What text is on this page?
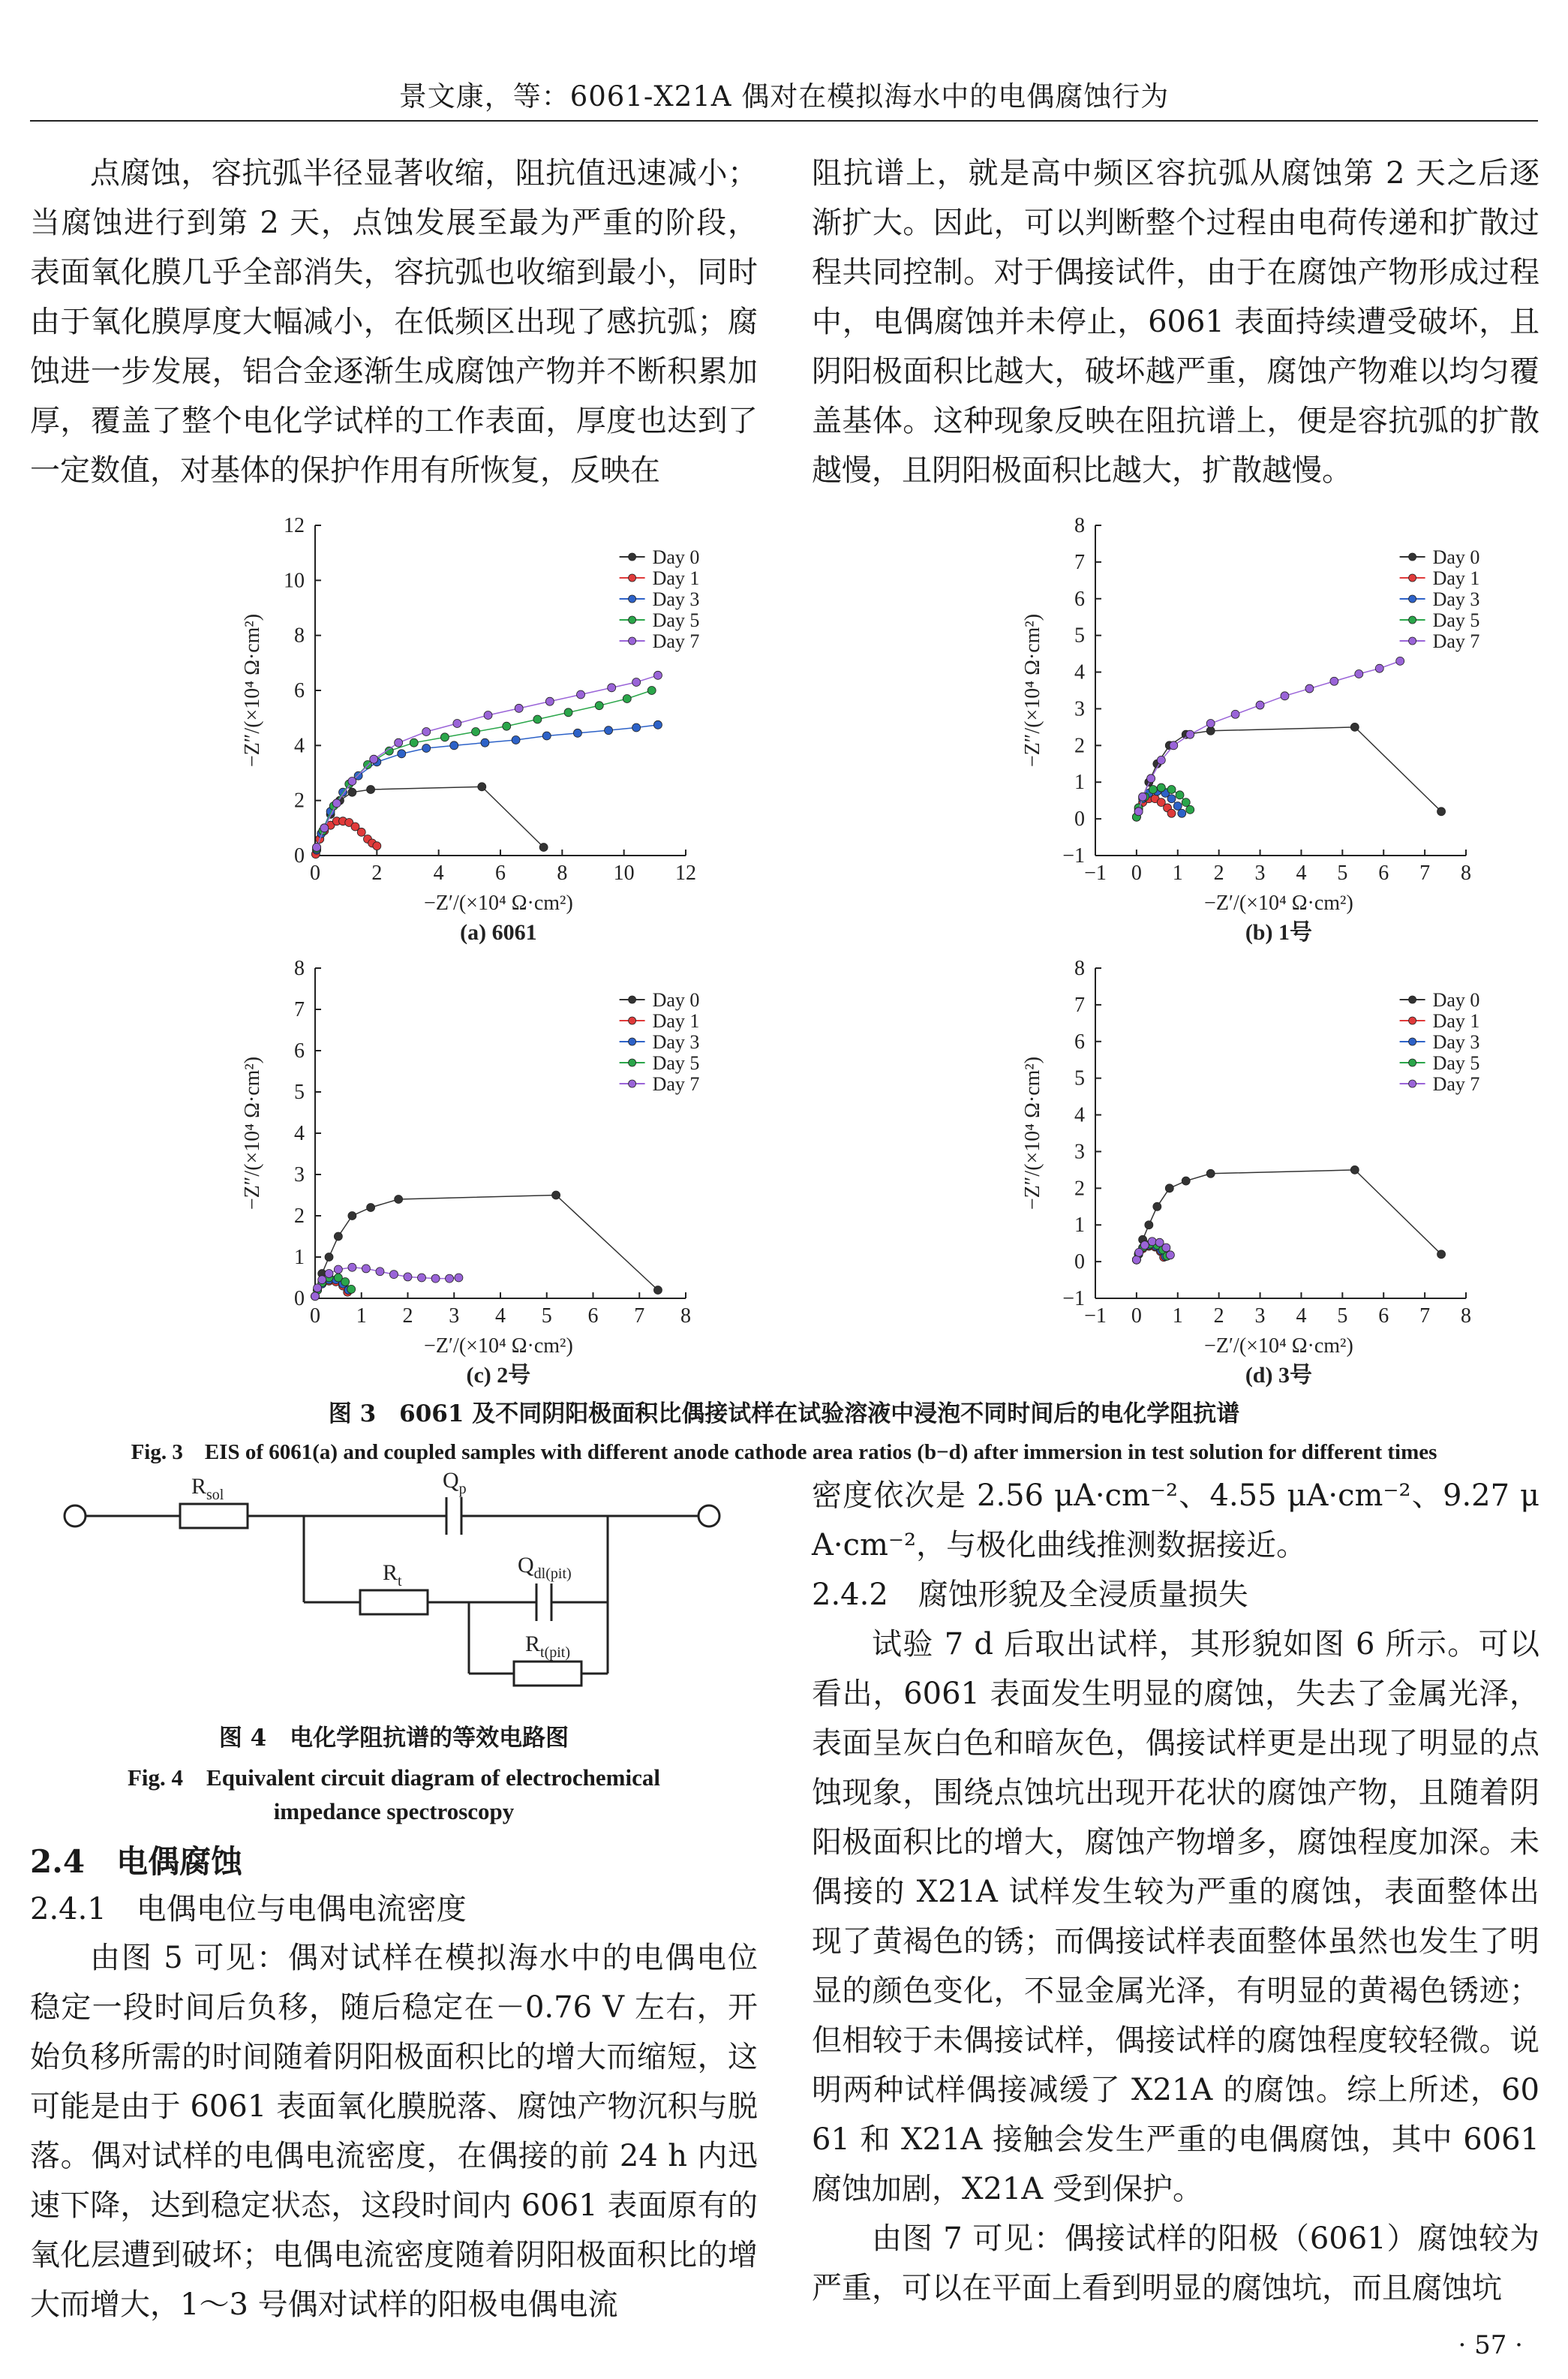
景文康，等：6061-X21A 偶对在模拟海水中的电偶腐蚀行为
点腐蚀，容抗弧半径显著收缩，阻抗值迅速减小；当腐蚀进行到第 2 天，点蚀发展至最为严重的阶段，表面氧化膜几乎全部消失，容抗弧也收缩到最小，同时由于氧化膜厚度大幅减小，在低频区出现了感抗弧；腐蚀进一步发展，铝合金逐渐生成腐蚀产物并不断积累加厚，覆盖了整个电化学试样的工作表面，厚度也达到了一定数值，对基体的保护作用有所恢复，反映在
阻抗谱上，就是高中频区容抗弧从腐蚀第 2 天之后逐渐扩大。因此，可以判断整个过程由电荷传递和扩散过程共同控制。对于偶接试件，由于在腐蚀产物形成过程中，电偶腐蚀并未停止，6061 表面持续遭受破坏，且阴阳极面积比越大，破坏越严重，腐蚀产物难以均匀覆盖基体。这种现象反映在阻抗谱上，便是容抗弧的扩散越慢，且阴阳极面积比越大，扩散越慢。
0 2 4 6 8 10 12
0
2
4
6
8
10
12
−Z′/(×10⁴ Ω·cm²)
−Z″/(×10⁴ Ω·cm²)
(a) 6061
Day 0
Day 1
Day 3
Day 5
Day 7
−1 0 1 2 3 4 5 6 7 8
−1
0
1
2
3
4
5
6
7
8
−Z′/(×10⁴ Ω·cm²)
−Z″/(×10⁴ Ω·cm²)
(b) 1号
Day 0
Day 1
Day 3
Day 5
Day 7
0 1 2 3 4 5 6 7 8
0
1
2
3
4
5
6
7
8
−Z′/(×10⁴ Ω·cm²)
−Z″/(×10⁴ Ω·cm²)
(c) 2号
Day 0
Day 1
Day 3
Day 5
Day 7
−1 0 1 2 3 4 5 6 7 8
−1
0
1
2
3
4
5
6
7
8
−Z′/(×10⁴ Ω·cm²)
−Z″/(×10⁴ Ω·cm²)
(d) 3号
Day 0
Day 1
Day 3
Day 5
Day 7
图 3　6061 及不同阴阳极面积比偶接试样在试验溶液中浸泡不同时间后的电化学阻抗谱
Fig. 3　EIS of 6061(a) and coupled samples with different anode cathode area ratios (b−d) after immersion in test solution for different times
$R_{sol}$
$Q_p$
$R_t$
$Q_{dl(pit)}$
$R_{t(pit)}$
图 4　电化学阻抗谱的等效电路图
Fig. 4　Equivalent circuit diagram of electrochemical
impedance spectroscopy
2.4　电偶腐蚀
2.4.1　电偶电位与电偶电流密度
由图 5 可见：偶对试样在模拟海水中的电偶电位稳定一段时间后负移，随后稳定在－0.76 V 左右，开始负移所需的时间随着阴阳极面积比的增大而缩短，这可能是由于 6061 表面氧化膜脱落、腐蚀产物沉积与脱落。偶对试样的电偶电流密度，在偶接的前 24 h 内迅速下降，达到稳定状态，这段时间内 6061 表面原有的氧化层遭到破坏；电偶电流密度随着阴阳极面积比的增大而增大，1～3 号偶对试样的阳极电偶电流

密度依次是 2.56 μA·cm⁻²、4.55 μA·cm⁻²、9.27 μA·cm⁻²，与极化曲线推测数据接近。

2.4.2　腐蚀形貌及全浸质量损失

试验 7 d 后取出试样，其形貌如图 6 所示。可以看出，6061 表面发生明显的腐蚀，失去了金属光泽，表面呈灰白色和暗灰色，偶接试样更是出现了明显的点蚀现象，围绕点蚀坑出现开花状的腐蚀产物，且随着阴阳极面积比的增大，腐蚀产物增多，腐蚀程度加深。未偶接的 X21A 试样发生较为严重的腐蚀，表面整体出现了黄褐色的锈；而偶接试样表面整体虽然也发生了明显的颜色变化，不显金属光泽，有明显的黄褐色锈迹；但相较于未偶接试样，偶接试样的腐蚀程度较轻微。说明两种试样偶接减缓了 X21A 的腐蚀。综上所述，6061 和 X21A 接触会发生严重的电偶腐蚀，其中 6061 腐蚀加剧，X21A 受到保护。

由图 7 可见：偶接试样的阳极（6061）腐蚀较为严重，可以在平面上看到明显的腐蚀坑，而且腐蚀坑

· 57 ·
